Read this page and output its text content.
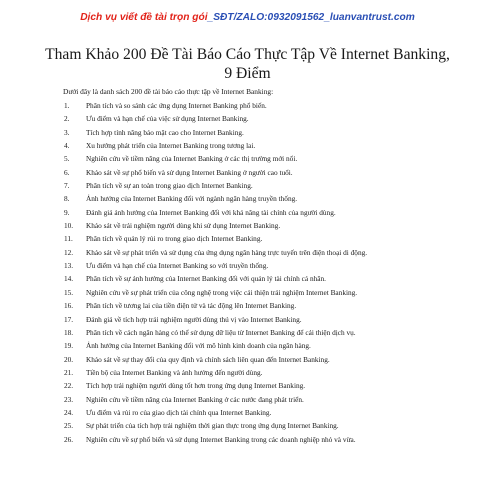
Dịch vụ viết đề tài trọn gói_SĐT/ZALO:0932091562_luanvantrust.com
Tham Khảo 200 Đề Tài Báo Cáo Thực Tập Về Internet Banking, 9 Điểm
Dưới đây là danh sách 200 đề tài báo cáo thực tập về Internet Banking:
1.	Phân tích và so sánh các ứng dụng Internet Banking phổ biến.
2.	Ưu điểm và hạn chế của việc sử dụng Internet Banking.
3.	Tích hợp tính năng bảo mật cao cho Internet Banking.
4.	Xu hướng phát triển của Internet Banking trong tương lai.
5.	Nghiên cứu về tiềm năng của Internet Banking ở các thị trường mới nổi.
6.	Khảo sát về sự phổ biến và sử dụng Internet Banking ở người cao tuổi.
7.	Phân tích về sự an toàn trong giao dịch Internet Banking.
8.	Ảnh hưởng của Internet Banking đối với ngành ngân hàng truyền thống.
9.	Đánh giá ảnh hưởng của Internet Banking đối với khả năng tài chính của người dùng.
10.	Khảo sát về trải nghiệm người dùng khi sử dụng Internet Banking.
11.	Phân tích về quản lý rủi ro trong giao dịch Internet Banking.
12.	Khảo sát về sự phát triển và sử dụng của ứng dụng ngân hàng trực tuyến trên điện thoại di động.
13.	Ưu điểm và hạn chế của Internet Banking so với truyền thống.
14.	Phân tích về sự ảnh hưởng của Internet Banking đối với quản lý tài chính cá nhân.
15.	Nghiên cứu về sự phát triển của công nghệ trong việc cải thiện trải nghiệm Internet Banking.
16.	Phân tích về tương lai của tiền điện tử và tác động lên Internet Banking.
17.	Đánh giá về tích hợp trải nghiệm người dùng thú vị vào Internet Banking.
18.	Phân tích về cách ngân hàng có thể sử dụng dữ liệu từ Internet Banking để cải thiện dịch vụ.
19.	Ảnh hưởng của Internet Banking đối với mô hình kinh doanh của ngân hàng.
20.	Khảo sát về sự thay đổi của quy định và chính sách liên quan đến Internet Banking.
21.	Tiền bộ của Internet Banking và ảnh hưởng đến người dùng.
22.	Tích hợp trải nghiệm người dùng tốt hơn trong ứng dụng Internet Banking.
23.	Nghiên cứu về tiềm năng của Internet Banking ở các nước đang phát triển.
24.	Ưu điểm và rủi ro của giao dịch tài chính qua Internet Banking.
25.	Sự phát triển của tích hợp trải nghiệm thời gian thực trong ứng dụng Internet Banking.
26.	Nghiên cứu về sự phổ biến và sử dụng Internet Banking trong các doanh nghiệp nhỏ và vừa.
